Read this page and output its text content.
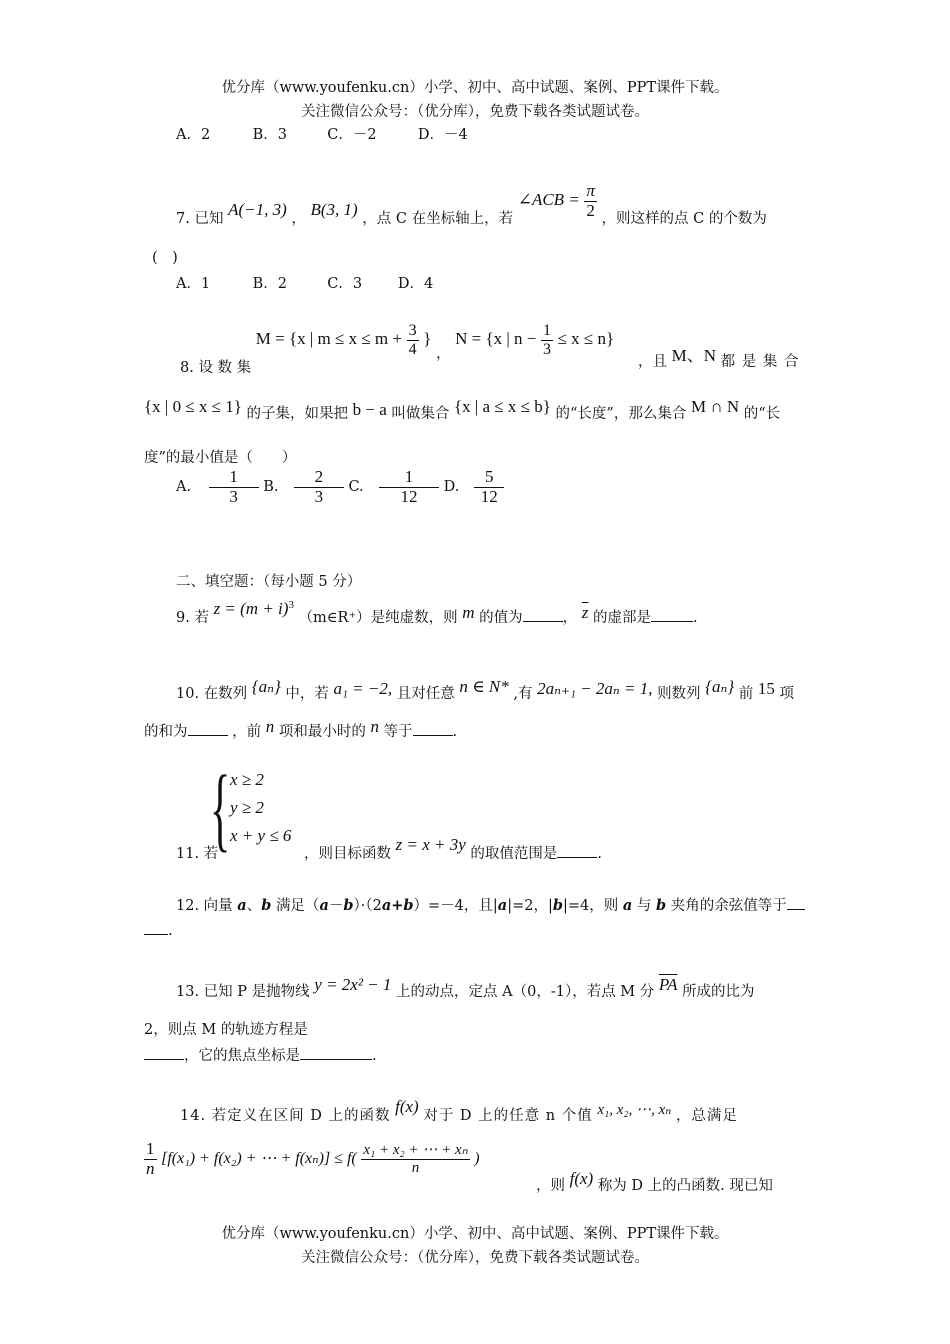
优分库（www.youfenku.cn）小学、初中、高中试题、案例、PPT课件下载。
关注微信公众号：（优分库），免费下载各类试题试卷。
A．2	B．3	C．－2	D．－4
7. 已知 A(−1, 3) ， B(3, 1) ，点 C 在坐标轴上，若 ∠ACB = $\frac{\pi}{2}$ ，则这样的点 C 的个数为
(　)
A．1	B．2	C．3 D．4
8. 设 数 集 M = {x | $m \le x \le m + \frac{3}{4}$ } ， N = {x | $n - \frac{1}{3} \le x \le n$}
，且 M、N 都 是 集 合
{x | 0 ≤ x ≤ 1} 的子集，如果把 b − a 叫做集合 {x | a ≤ x ≤ b} 的“长度”，那么集合 M ∩ N 的“长
度”的最小值是（　　）
A. $\frac{1}{3} B$. $\frac{2}{3} C$. $\frac{1}{12} D$. $\frac{5}{12}$
二、填空题：（每小题 5 分）
9. 若 $z = (m + i)^3$ （m∈R⁺）是纯虚数，则 m 的值为	， $\overline{z}$ 的虚部是	.
10. 在数列 {aₙ} 中，若 a₁ = −2, 且对任意 n ∈ N* ,有 2aₙ₊₁ − 2aₙ = 1, 则数列 {aₙ} 前 15 项
的和为	，前 n 项和最小时的 n 等于	.
{ x ≥ 2
y ≥ 2
x + y ≤ 6
11. 若	，则目标函数 z = x + 3y 的取值范围是	.
12. 向量 a、b 满足（a－b）·（2a+b）=－4，且|a|=2，|b|=4，则 a 与 b 夹角的余弦值等于
.
13. 已知 P 是抛物线 y = 2x² − 1 上的动点，定点 A（0，-1），若点 M 分 $\overline{PA}$ 所成的比为
2，则点 M 的轨迹方程是
，它的焦点坐标是	.
14. 若定义在区间 D 上的函数 f(x) 对于 D 上的任意 n 个值 x₁, x₂, ⋯, xₙ ，总满足
$\frac{1}{n} [f(x_1) + f(x_2)$ + ⋯ + $f(x_n)] \le f( \frac{\text{x₁ + x₂ + ⋯ + xₙ}}{n}$ )
，则 f(x) 称为 D 上的凸函数. 现已知
优分库（www.youfenku.cn）小学、初中、高中试题、案例、PPT课件下载。
关注微信公众号：（优分库），免费下载各类试题试卷。
